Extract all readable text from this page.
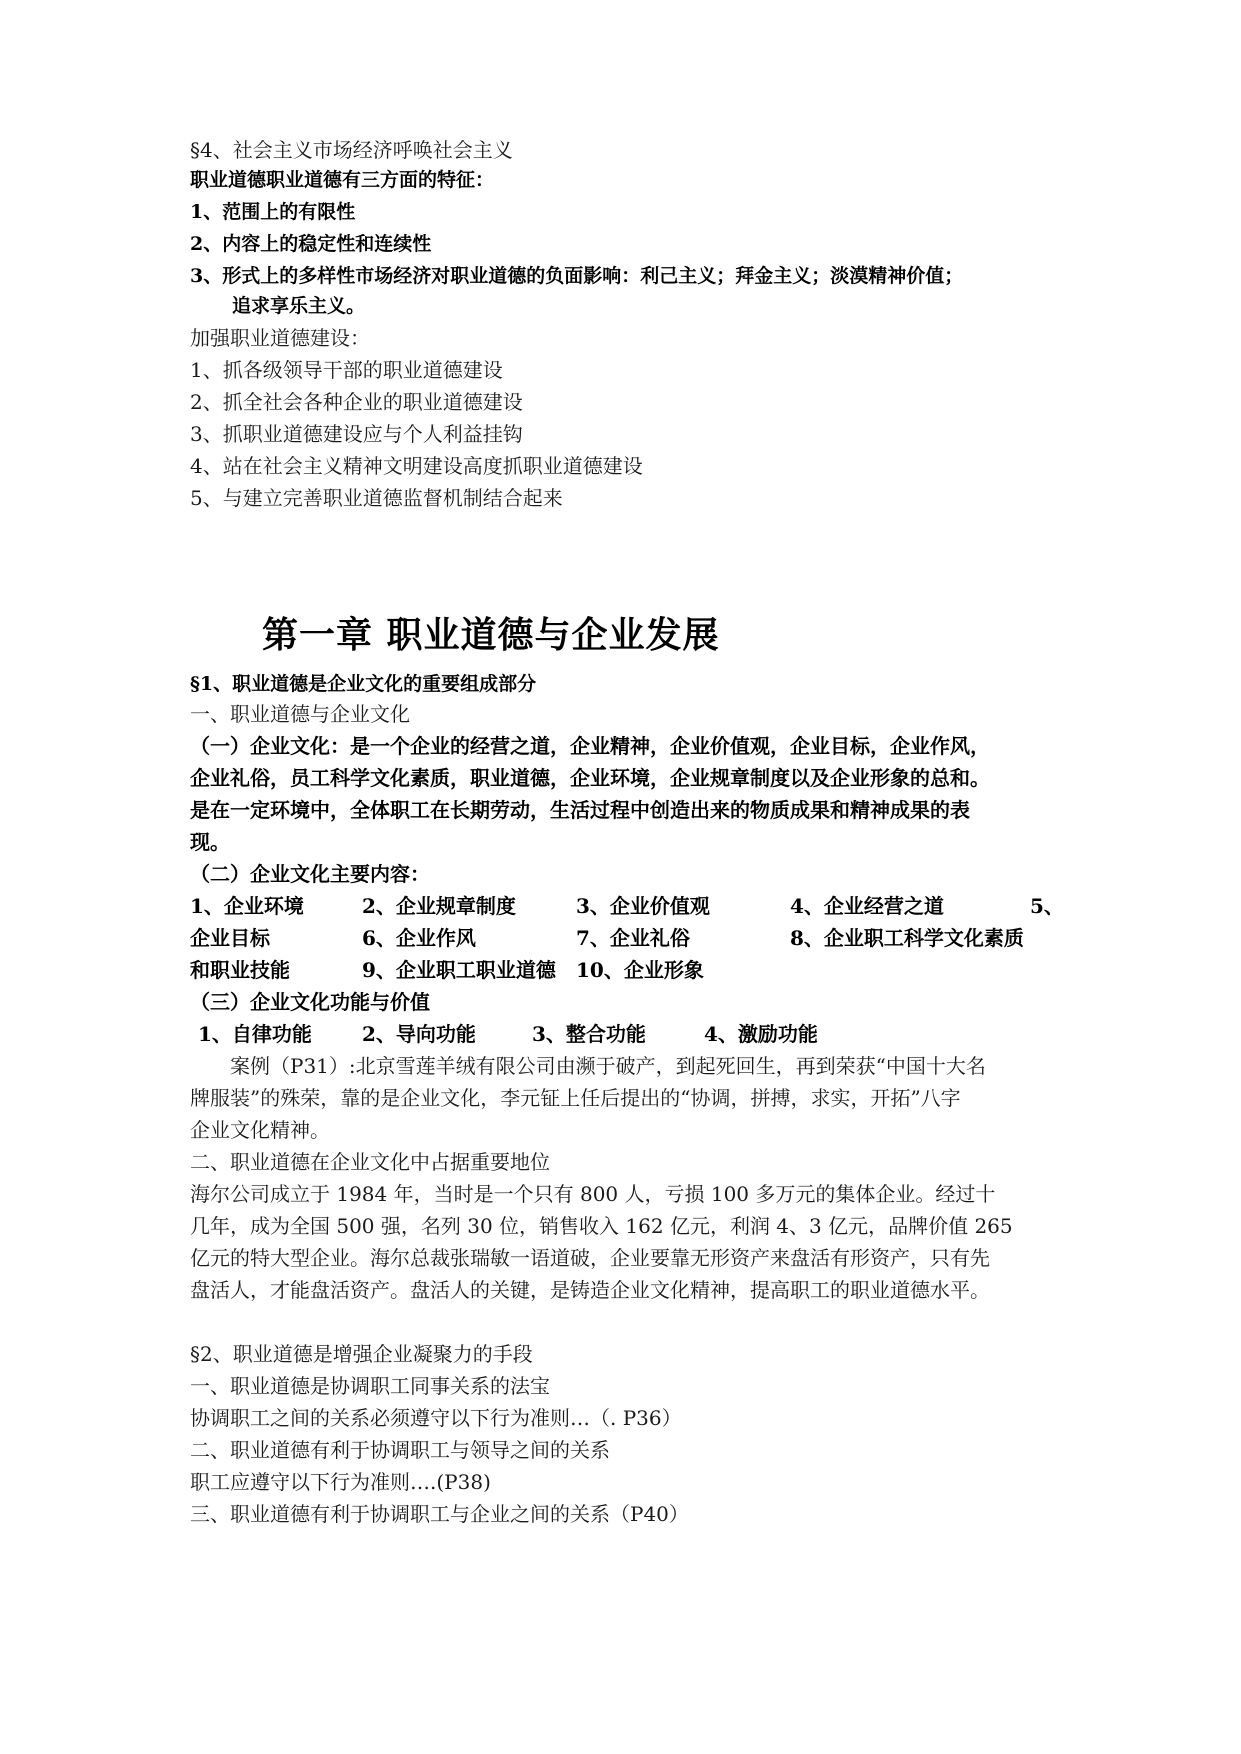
§4、社会主义市场经济呼唤社会主义
职业道德职业道德有三方面的特征：
1、范围上的有限性
2、内容上的稳定性和连续性
3、形式上的多样性市场经济对职业道德的负面影响：利己主义；拜金主义；淡漠精神价值；
追求享乐主义。
加强职业道德建设：
1、抓各级领导干部的职业道德建设
2、抓全社会各种企业的职业道德建设
3、抓职业道德建设应与个人利益挂钩
4、站在社会主义精神文明建设高度抓职业道德建设
5、与建立完善职业道德监督机制结合起来
第一章 职业道德与企业发展
§1、职业道德是企业文化的重要组成部分
一、职业道德与企业文化
（一）企业文化：是一个企业的经营之道，企业精神，企业价值观，企业目标，企业作风，
企业礼俗，员工科学文化素质，职业道德，企业环境，企业规章制度以及企业形象的总和。
是在一定环境中，全体职工在长期劳动，生活过程中创造出来的物质成果和精神成果的表
现。
（二）企业文化主要内容：
1、企业环境	2、企业规章制度	3、企业价值观	4、企业经营之道	5、
企业目标	6、企业作风	7、企业礼俗	8、企业职工科学文化素质
和职业技能	9、企业职工职业道德 10、企业形象
（三）企业文化功能与价值
1、自律功能	2、导向功能	3、整合功能	4、激励功能
案例（P31）:北京雪莲羊绒有限公司由濒于破产，到起死回生，再到荣获“中国十大名
牌服装”的殊荣，靠的是企业文化，李元钲上任后提出的“协调，拼搏，求实，开拓”八字
企业文化精神。
二、职业道德在企业文化中占据重要地位
海尔公司成立于 1984 年，当时是一个只有 800 人，亏损 100 多万元的集体企业。经过十
几年，成为全国 500 强，名列 30 位，销售收入 162 亿元，利润 4、3 亿元，品牌价值 265
亿元的特大型企业。海尔总裁张瑞敏一语道破，企业要靠无形资产来盘活有形资产，只有先
盘活人，才能盘活资产。盘活人的关键，是铸造企业文化精神，提高职工的职业道德水平。
§2、职业道德是增强企业凝聚力的手段
一、职业道德是协调职工同事关系的法宝
协调职工之间的关系必须遵守以下行为准则…（. P36）
二、职业道德有利于协调职工与领导之间的关系
职工应遵守以下行为准则….(P38)
三、职业道德有利于协调职工与企业之间的关系（P40）
